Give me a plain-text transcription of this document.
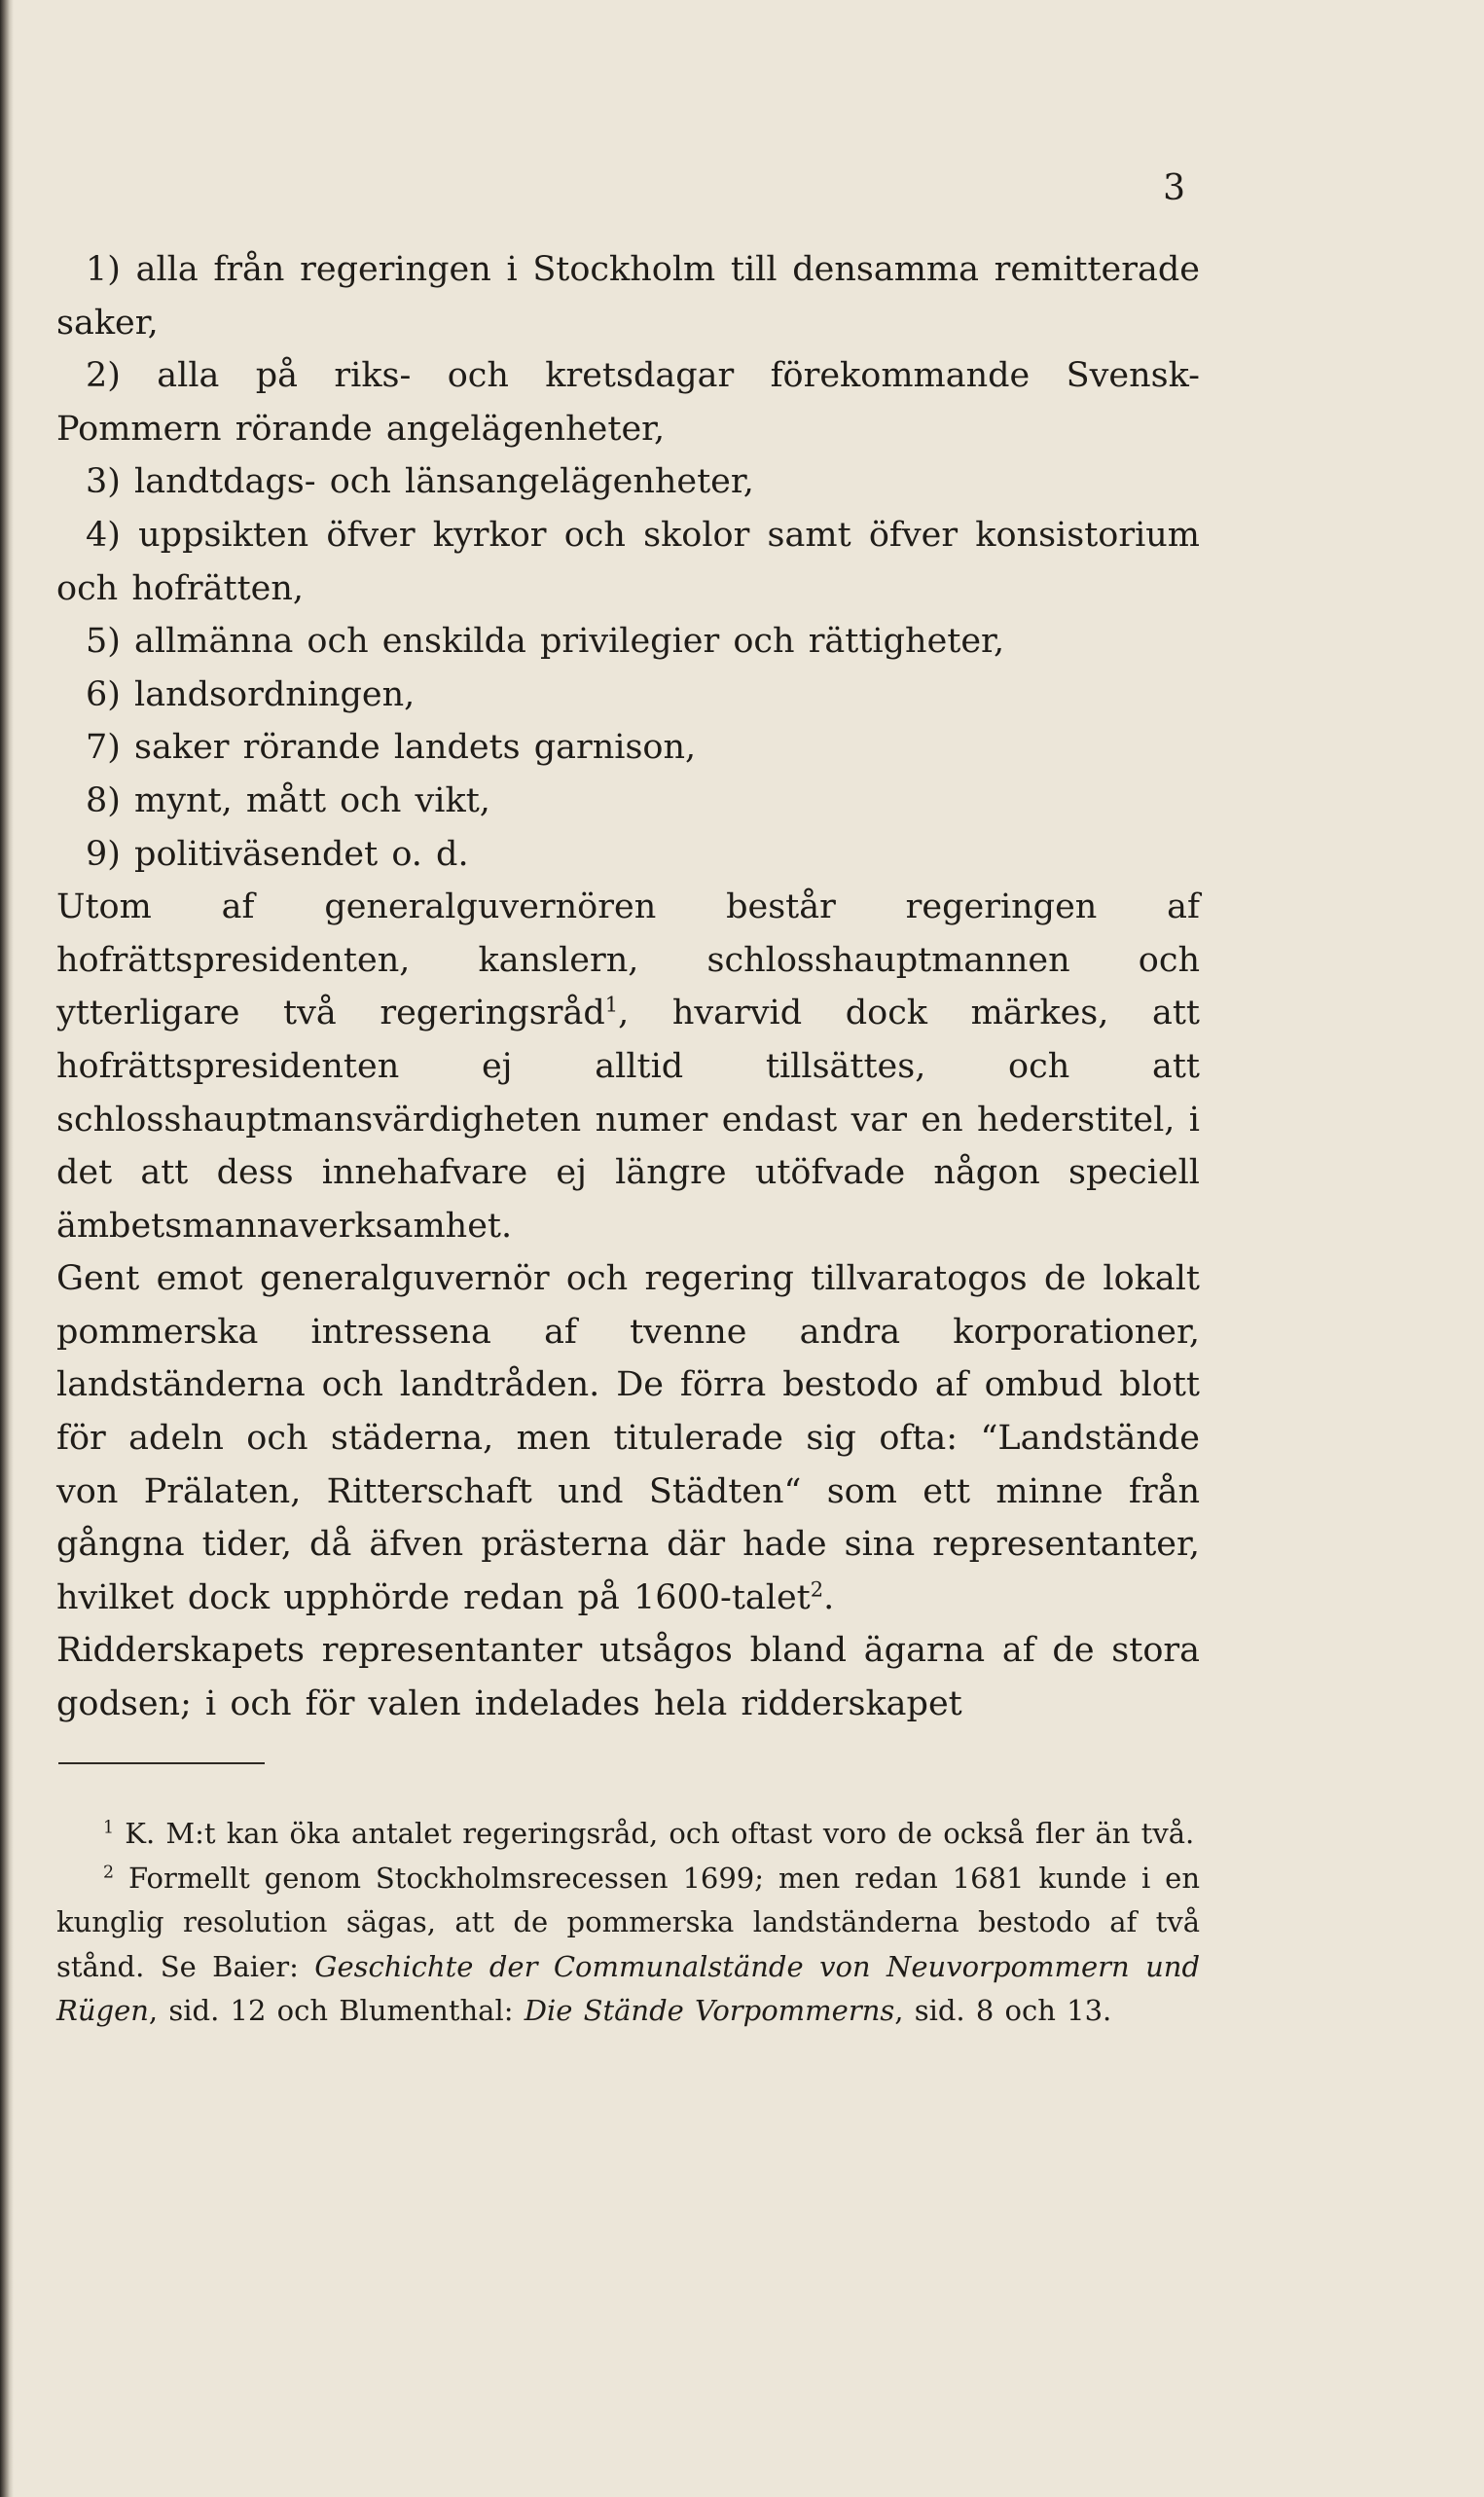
3

1) alla från regeringen i Stockholm till densamma remitterade saker,

2) alla på riks- och kretsdagar förekommande Svensk-Pommern rörande angelägenheter,

3) landtdags- och länsangelägenheter,

4) uppsikten öfver kyrkor och skolor samt öfver konsistorium och hofrätten,

5) allmänna och enskilda privilegier och rättigheter,

6) landsordningen,

7) saker rörande landets garnison,

8) mynt, mått och vikt,

9) politiväsendet o. d.

Utom af generalguvernören består regeringen af hofrättspresidenten, kanslern, schlosshauptmannen och ytterligare två regeringsråd$^1$, hvarvid dock märkes, att hofrättspresidenten ej alltid tillsättes, och att schlosshauptmansvärdigheten numer endast var en hederstitel, i det att dess innehafvare ej längre utöfvade någon speciell ämbetsmannaverksamhet.

Gent emot generalguvernör och regering tillvaratogos de lokalt pommerska intressena af tvenne andra korporationer, landständerna och landtråden. De förra bestodo af ombud blott för adeln och städerna, men titulerade sig ofta: “Landstände von Prälaten, Ritterschaft und Städten“ som ett minne från gångna tider, då äfven prästerna där hade sina representanter, hvilket dock upphörde redan på 1600-talet$^2$.

Ridderskapets representanter utsågos bland ägarna af de stora godsen; i och för valen indelades hela ridderskapet

$^1$ K. M:t kan öka antalet regeringsråd, och oftast voro de också fler än två.

$^2$ Formellt genom Stockholmsrecessen 1699; men redan 1681 kunde i en kunglig resolution sägas, att de pommerska landständerna bestodo af två stånd. Se Baier: Geschichte der Communalstände von Neuvorpommern und Rügen, sid. 12 och Blumenthal: Die Stände Vorpommerns, sid. 8 och 13.
